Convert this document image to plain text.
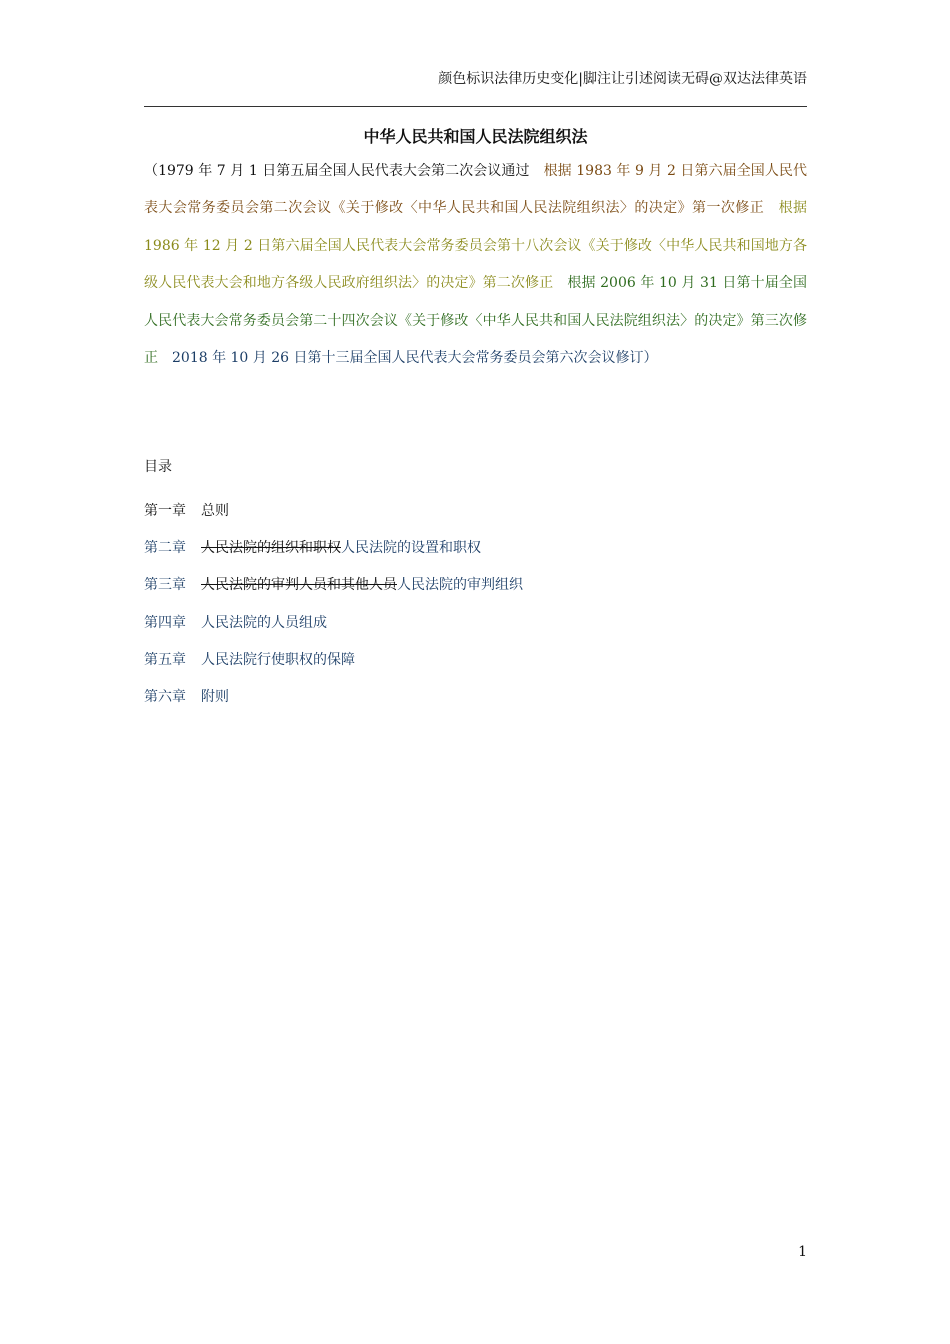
颜色标识法律历史变化|脚注让引述阅读无碍@双达法律英语
中华人民共和国人民法院组织法

（1979 年 7 月 1 日第五届全国人民代表大会第二次会议通过　根据 1983 年 9 月 2 日第六届全国人民代表大会常务委员会第二次会议《关于修改〈中华人民共和国人民法院组织法〉的决定》第一次修正　根据 1986 年 12 月 2 日第六届全国人民代表大会常务委员会第十八次会议《关于修改〈中华人民共和国地方各级人民代表大会和地方各级人民政府组织法〉的决定》第二次修正　根据 2006 年 10 月 31 日第十届全国人民代表大会常务委员会第二十四次会议《关于修改〈中华人民共和国人民法院组织法〉的决定》第三次修正　2018 年 10 月 26 日第十三届全国人民代表大会常务委员会第六次会议修订）

目录
第一章 总则
第二章 人民法院的组织和职权人民法院的设置和职权
第三章 人民法院的审判人员和其他人员人民法院的审判组织
第四章 人民法院的人员组成
第五章 人民法院行使职权的保障
第六章 附则
1
